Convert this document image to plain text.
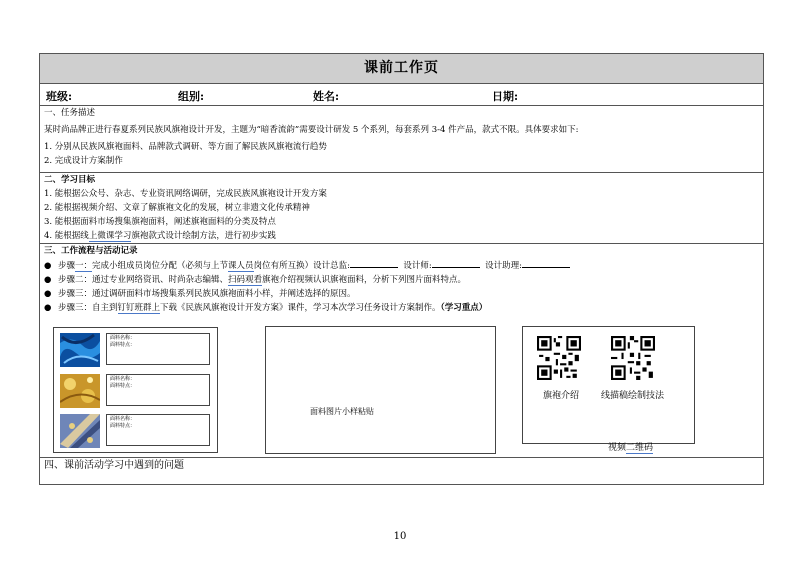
课前工作页
班级:	组别:	姓名:	日期:

一、任务描述

某时尚品牌正进行春夏系列民族风旗袍设计开发，主题为“暗香流韵”需要设计研发 5 个系列，每套系列 3-4 件产品，款式不限。具体要求如下:

1. 分别从民族风旗袍面料、品牌款式调研、等方面了解民族风旗袍流行趋势

2. 完成设计方案制作

二、学习目标

1. 能根据公众号、杂志、专业资讯网络调研，完成民族风旗袍设计开发方案

2. 能根据视频介绍、文章了解旗袍文化的发展，树立非遗文化传承精神

3. 能根据面料市场搜集旗袍面料，阐述旗袍面料的分类及特点

4. 能根据线上微课学习旗袍款式设计绘制方法，进行初步实践

三、工作流程与活动记录

● 步骤一：完成小组成员岗位分配（必须与上节课人员岗位有所互换）设计总监:	设计师:	设计助理:

● 步骤二：通过专业网络资讯、时尚杂志编辑、扫码观看旗袍介绍视频认识旗袍面料，分析下列图片面料特点。

● 步骤三：通过调研面料市场搜集系列民族风旗袍面料小样，并阐述选择的原因。

● 步骤三：自主到钉钉班群上下载《民族风旗袍设计开发方案》课件，学习本次学习任务设计方案制作。（学习重点）

面料名称：
面料特点：
面料名称：
面料特点：
面料名称：
面料特点：
面料图片小样粘贴
旗袍介绍 线描稿绘制技法
视频二维码
四、课前活动学习中遇到的问题
10
